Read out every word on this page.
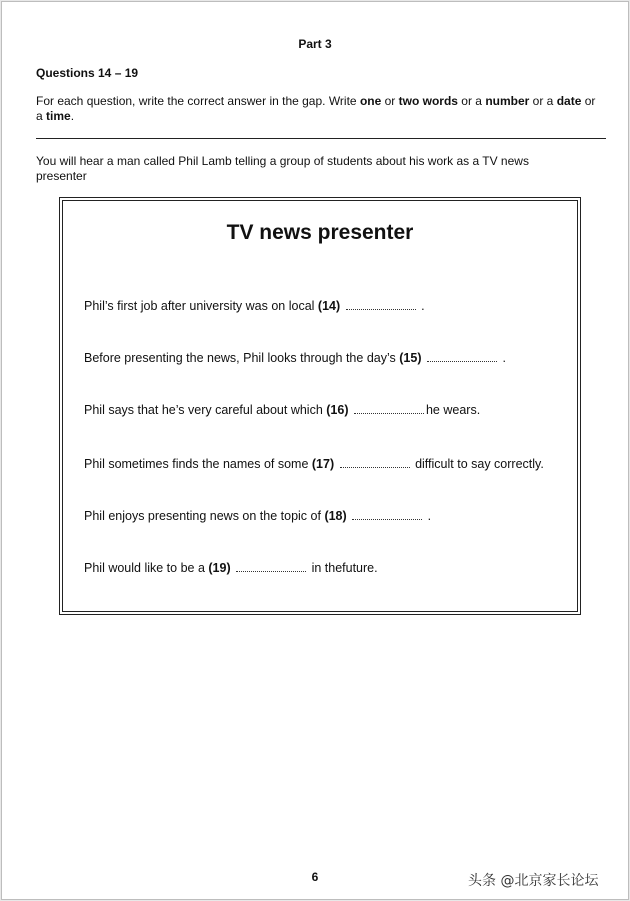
Part 3
Questions 14 – 19
For each question, write the correct answer in the gap. Write one or two words or a number or a date or a time.
You will hear a man called Phil Lamb telling a group of students about his work as a TV news presenter
TV news presenter
Phil’s first job after university was on local (14)	.
Before presenting the news, Phil looks through the day’s (15)	.
Phil says that he’s very careful about which (16)	he wears.
Phil sometimes finds the names of some (17)	difficult to say correctly.
Phil enjoys presenting news on the topic of (18)	.
Phil would like to be a (19)	in thefuture.
6	头条 @北京家长论坛
